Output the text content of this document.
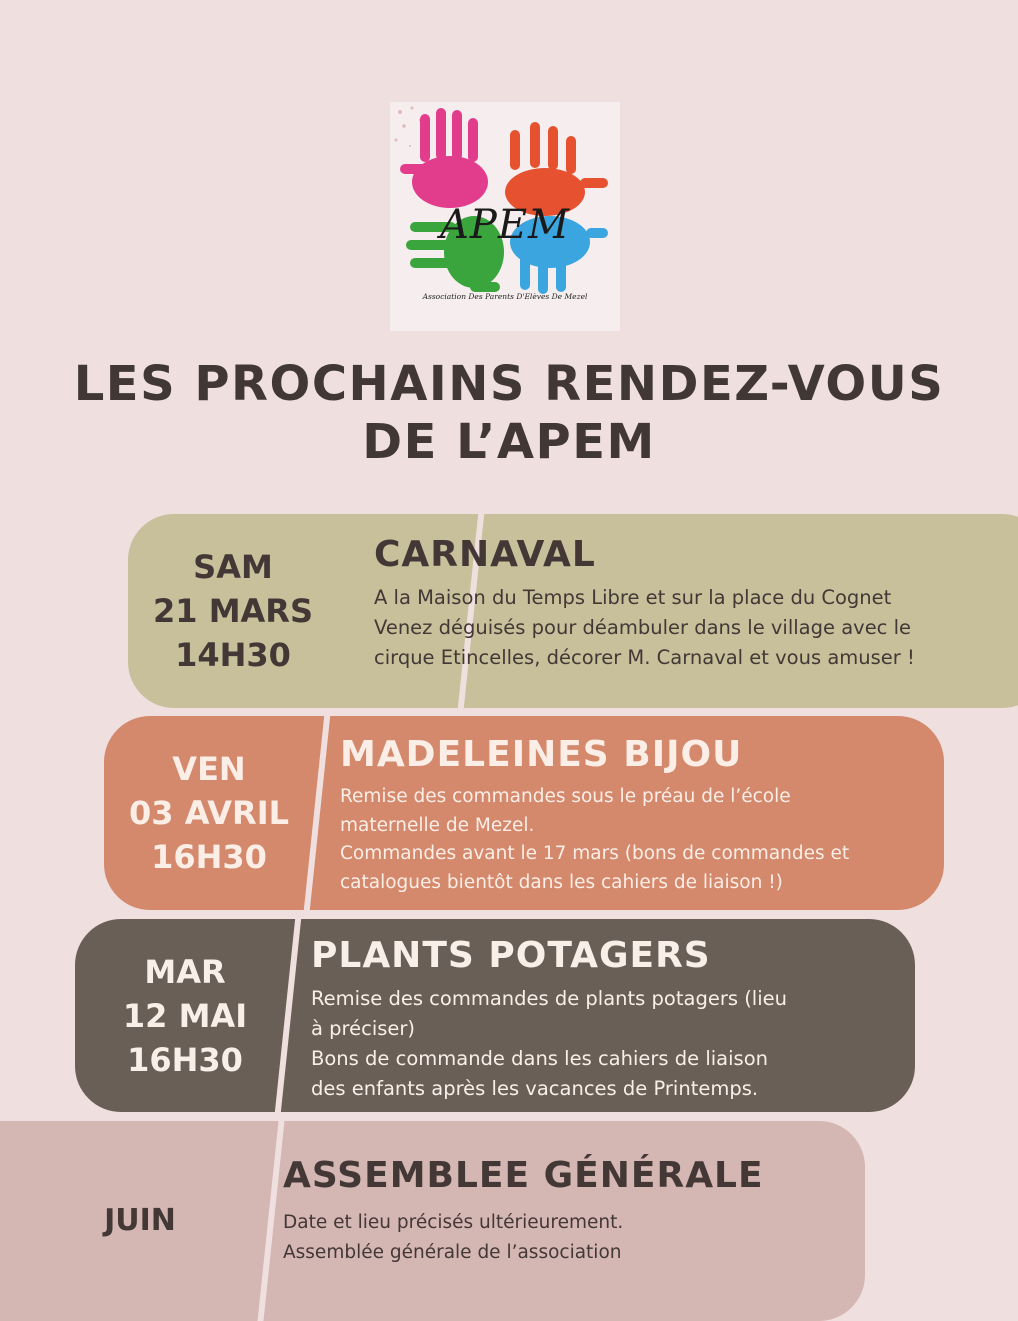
APEM
Association Des Parents D'Elèves De Mezel
LES PROCHAINS RENDEZ-VOUS
DE L’APEM
SAM
21 MARS
14H30
CARNAVAL
A la Maison du Temps Libre et sur la place du Cognet
Venez déguisés pour déambuler dans le village avec le
cirque Etincelles, décorer M. Carnaval et vous amuser !
VEN
03 AVRIL
16H30
MADELEINES BIJOU
Remise des commandes sous le préau de l’école
maternelle de Mezel.
Commandes avant le 17 mars (bons de commandes et
catalogues bientôt dans les cahiers de liaison !)
MAR
12 MAI
16H30
PLANTS POTAGERS
Remise des commandes de plants potagers (lieu
à préciser)
Bons de commande dans les cahiers de liaison
des enfants après les vacances de Printemps.
JUIN
ASSEMBLEE GÉNÉRALE
Date et lieu précisés ultérieurement.
Assemblée générale de l’association
